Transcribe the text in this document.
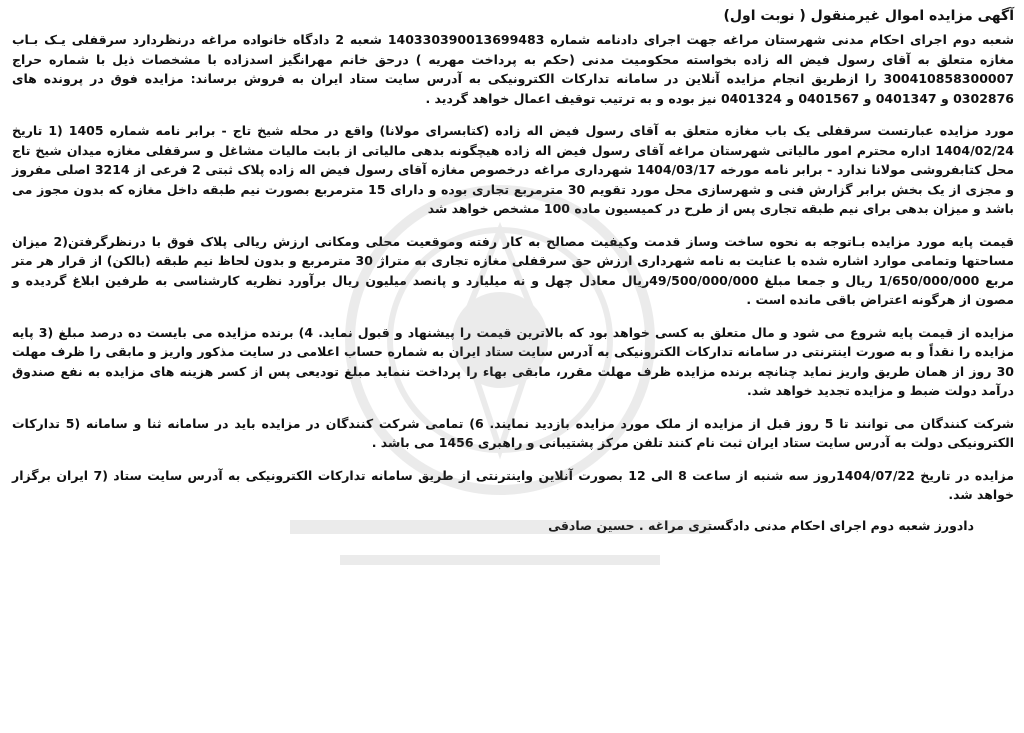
آگهی مزایده اموال غیرمنقول ( نوبت اول)

شعبه دوم اجرای احکام مدنی شهرستان مراغه جهت اجرای دادنامه شماره 140330390013699483 شعبه 2 دادگاه خانواده مراغه درنظردارد سرقفلی یـک بـاب مغازه متعلق به آقای رسول فیض اله زاده بخواسته محکومیت مدنی (حکم به پرداخت مهریه ) درحق خانم مهرانگیز اسدزاده با مشخصات ذیل با شماره حراج 300410858300007 را ازطریق انجام مزایده آنلاین در سامانه تدارکات الکترونیکی به آدرس سایت ستاد ایران به فروش برساند: مزایده فوق در پرونده های 0302876 و 0401347 و 0401567 و 0401324 نیز بوده و به ترتیب توقیف اعمال خواهد گردید .

مورد مزایده عبارتست سرقفلی یک باب مغازه متعلق به آقای رسول فیض اله زاده (کتابسرای مولانا) واقع در محله شیخ تاج - برابر نامه شماره 1405 (1 تاریخ 1404/02/24 اداره محترم امور مالیاتی شهرستان مراغه آقای رسول فیض اله زاده هیچگونه بدهی مالیاتی از بابت مالیات مشاغل و سرقفلی مغازه میدان شیخ تاج محل کتابفروشی مولانا ندارد - برابر نامه مورخه 1404/03/17 شهرداری مراغه درخصوص مغازه آقای رسول فیض اله زاده پلاک ثبتی 2 فرعی از 3214 اصلی مفروز و مجزی از یک بخش برابر گزارش فنی و شهرسازی محل مورد تقویم 30 مترمربع تجاری بوده و دارای 15 مترمربع بصورت نیم طبقه داخل مغازه که بدون مجوز می باشد و میزان بدهی برای نیم طبقه تجاری پس از طرح در کمیسیون ماده 100 مشخص خواهد شد

قیمت پایه مورد مزایده بـاتوجه به نحوه ساخت وساز قدمت وکیفیت مصالح به کار رفته وموقعیت محلی ومکانی ارزش ریالی پلاک فوق با درنظرگرفتن(2 میزان مساحتها وتمامی موارد اشاره شده با عنایت به نامه شهرداری ارزش حق سرقفلی مغازه تجاری به متراژ 30 مترمربع و بدون لحاظ نیم طبقه (بالکن) از قرار هر متر مربع 1/650/000/000 ریال و جمعا مبلغ 49/500/000/000ریال معادل چهل و نه میلیارد و پانصد میلیون ریال برآورد نظریه کارشناسی به طرفین ابلاغ گردیده و مصون از هرگونه اعتراض باقی مانده است .

مزایده از قیمت پایه شروع می شود و مال متعلق به کسی خواهد بود که بالاترین قیمت را پیشنهاد و قبول نماید. 4) برنده مزایده می بایست ده درصد مبلغ (3 پایه مزایده را نقداً و به صورت اینترنتی در سامانه تدارکات الکترونیکی به آدرس سایت ستاد ایران به شماره حساب اعلامی در سایت مذکور واریز و مابقی را ظرف مهلت 30 روز از همان طریق واریز نماید چنانچه برنده مزایده ظرف مهلت مقرر، مابقی بهاء را پرداخت ننماید مبلغ تودیعی پس از کسر هزینه های مزایده به نفع صندوق درآمد دولت ضبط و مزایده تجدید خواهد شد.

شرکت کنندگان می توانند تا 5 روز قبل از مزایده از ملک مورد مزایده بازدید نمایند. 6) تمامی شرکت کنندگان در مزایده باید در سامانه ثنا و سامانه (5 تدارکات الکترونیکی دولت به آدرس سایت ستاد ایران ثبت نام کنند تلفن مرکز پشتیبانی و راهبری 1456 می باشد .

مزایده در تاریخ 1404/07/22روز سه شنبه از ساعت 8 الی 12 بصورت آنلاین واینترنتی از طریق سامانه تدارکات الکترونیکی به آدرس سایت ستاد (7 ایران برگزار خواهد شد.

دادورز شعبه دوم اجرای احکام مدنی دادگستری مراغه . حسین صادقی
